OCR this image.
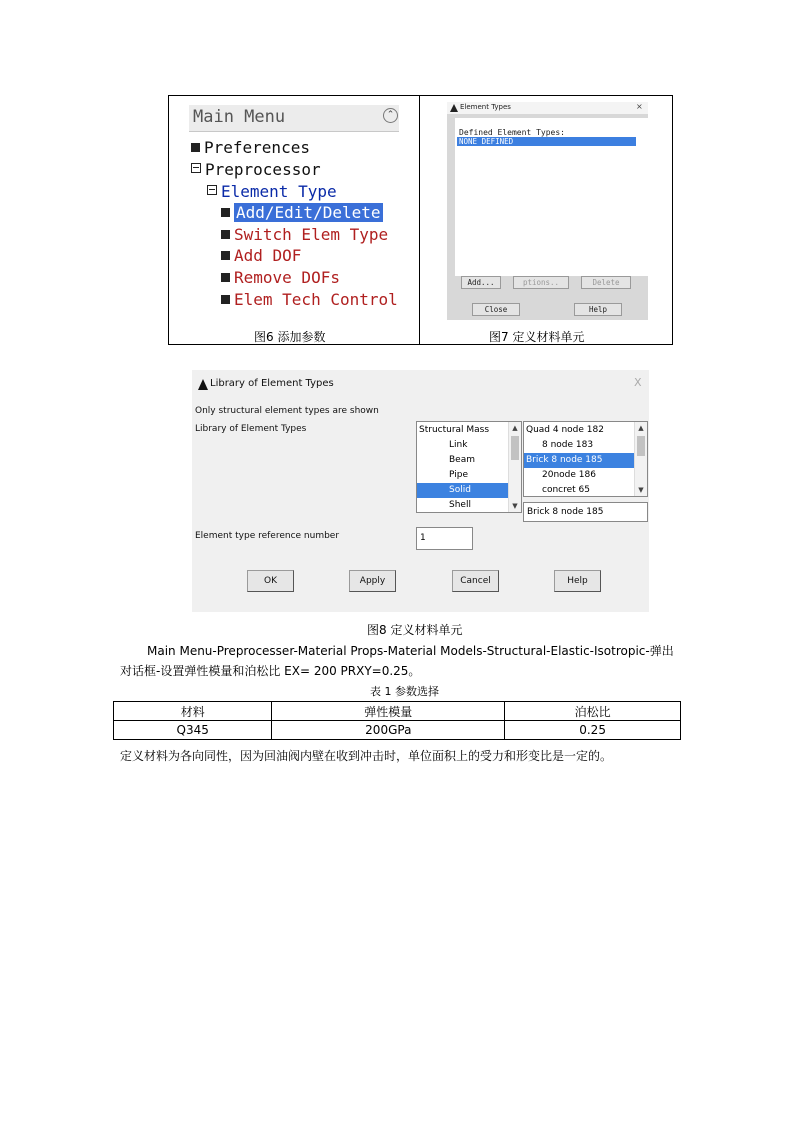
Main Menu	⌃
Preferences
Preprocessor
Element Type
Add/Edit/Delete
Switch Elem Type
Add DOF
Remove DOFs
Elem Tech Control
Element Types	×
Defined Element Types:
NONE DEFINED
Add...	ptions..	Delete
Close	Help
图6 添加参数	图7 定义材料单元
Library of Element Types	X
Only structural element types are shown
Library of Element Types	Structural Mass
Link
Beam
Pipe
Solid
Shell
▲
▼
Quad 4 node 182
8 node 183
Brick 8 node 185
20node 186
concret 65
▲
▼
Brick 8 node 185
Element type reference number	1
OK	Apply	Cancel	Help
图8 定义材料单元
Main Menu-Preprocesser-Material Props-Material Models-Structural-Elastic-Isotropic-弹出
对话框-设置弹性模量和泊松比 EX= 200 PRXY=0.25。
表 1 参数选择
材料	弹性模量	泊松比
Q345	200GPa	0.25
定义材料为各向同性，因为回油阀内壁在收到冲击时，单位面积上的受力和形变比是一定的。
